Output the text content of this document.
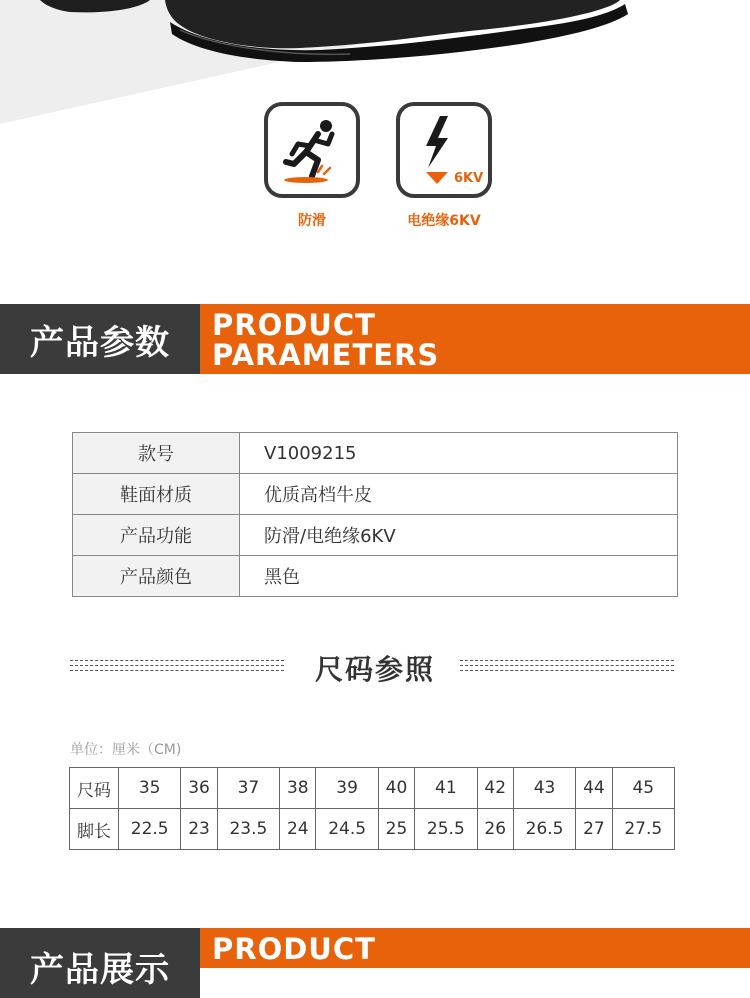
防滑
6KV
电绝缘6KV
产品参数	PRODUCT
PARAMETERS
款号	V1009215
鞋面材质	优质高档牛皮
产品功能	防滑/电绝缘6KV
产品颜色	黑色
尺码参照
单位：厘米（CM)
尺码	35	36	37	38	39	40	41	42	43	44	45
脚长	22.5	23	23.5	24	24.5	25	25.5	26	26.5	27	27.5
产品展示
PRODUCT
